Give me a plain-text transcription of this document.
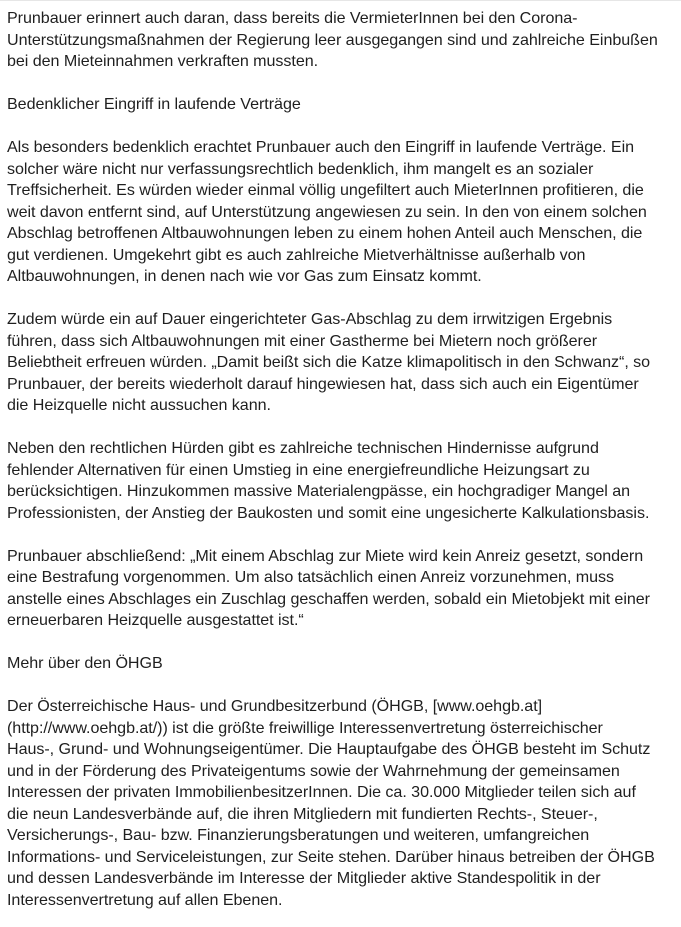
Prunbauer erinnert auch daran, dass bereits die VermieterInnen bei den Corona-
Unterstützungsmaßnahmen der Regierung leer ausgegangen sind und zahlreiche Einbußen
bei den Mieteinnahmen verkraften mussten.

Bedenklicher Eingriff in laufende Verträge

Als besonders bedenklich erachtet Prunbauer auch den Eingriff in laufende Verträge. Ein
solcher wäre nicht nur verfassungsrechtlich bedenklich, ihm mangelt es an sozialer
Treffsicherheit. Es würden wieder einmal völlig ungefiltert auch MieterInnen profitieren, die
weit davon entfernt sind, auf Unterstützung angewiesen zu sein. In den von einem solchen
Abschlag betroffenen Altbauwohnungen leben zu einem hohen Anteil auch Menschen, die
gut verdienen. Umgekehrt gibt es auch zahlreiche Mietverhältnisse außerhalb von
Altbauwohnungen, in denen nach wie vor Gas zum Einsatz kommt.

Zudem würde ein auf Dauer eingerichteter Gas-Abschlag zu dem irrwitzigen Ergebnis
führen, dass sich Altbauwohnungen mit einer Gastherme bei Mietern noch größerer
Beliebtheit erfreuen würden. „Damit beißt sich die Katze klimapolitisch in den Schwanz“, so
Prunbauer, der bereits wiederholt darauf hingewiesen hat, dass sich auch ein Eigentümer
die Heizquelle nicht aussuchen kann.

Neben den rechtlichen Hürden gibt es zahlreiche technischen Hindernisse aufgrund
fehlender Alternativen für einen Umstieg in eine energiefreundliche Heizungsart zu
berücksichtigen. Hinzukommen massive Materialengpässe, ein hochgradiger Mangel an
Professionisten, der Anstieg der Baukosten und somit eine ungesicherte Kalkulationsbasis.

Prunbauer abschließend: „Mit einem Abschlag zur Miete wird kein Anreiz gesetzt, sondern
eine Bestrafung vorgenommen. Um also tatsächlich einen Anreiz vorzunehmen, muss
anstelle eines Abschlages ein Zuschlag geschaffen werden, sobald ein Mietobjekt mit einer
erneuerbaren Heizquelle ausgestattet ist.“

Mehr über den ÖHGB

Der Österreichische Haus- und Grundbesitzerbund (ÖHGB, [www.oehgb.at]
(http://www.oehgb.at/)) ist die größte freiwillige Interessenvertretung österreichischer
Haus-, Grund- und Wohnungseigentümer. Die Hauptaufgabe des ÖHGB besteht im Schutz
und in der Förderung des Privateigentums sowie der Wahrnehmung der gemeinsamen
Interessen der privaten ImmobilienbesitzerInnen. Die ca. 30.000 Mitglieder teilen sich auf
die neun Landesverbände auf, die ihren Mitgliedern mit fundierten Rechts-, Steuer-,
Versicherungs-, Bau- bzw. Finanzierungsberatungen und weiteren, umfangreichen
Informations- und Serviceleistungen, zur Seite stehen. Darüber hinaus betreiben der ÖHGB
und dessen Landesverbände im Interesse der Mitglieder aktive Standespolitik in der
Interessenvertretung auf allen Ebenen.
